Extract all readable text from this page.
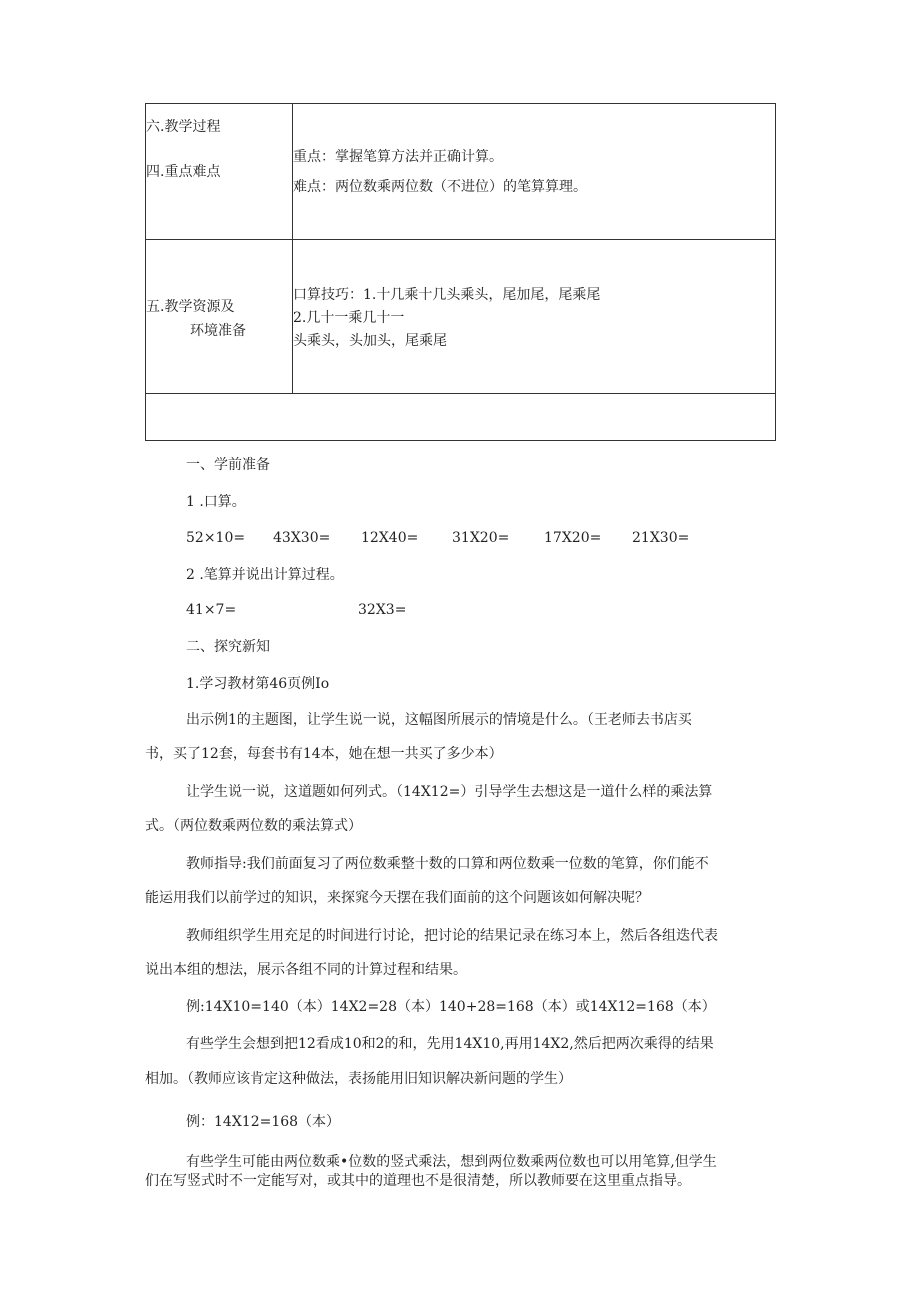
四.重点难点
重点：掌握笔算方法并正确计算。
难点：两位数乘两位数（不进位）的笔算算理。
五.教学资源及
环境准备
口算技巧：1.十几乘十几头乘头，尾加尾，尾乘尾
2.几十一乘几十一
头乘头，头加头，尾乘尾
六.教学过程
一、学前准备
1 .口算。
52×10= 43X30= 12X40= 31X20= 17X20= 21X30=
2 .笔算并说出计算过程。
41×7=	32X3=
二、探究新知
1.学习教材第46页例Io
出示例1的主题图，让学生说一说，这幅图所展示的情境是什么。（王老师去书店买
书，买了12套，每套书有14本，她在想一共买了多少本）
让学生说一说，这道题如何列式。（14X12=）引导学生去想这是一道什么样的乘法算
式。（两位数乘两位数的乘法算式）
教师指导:我们前面复习了两位数乘整十数的口算和两位数乘一位数的笔算，你们能不
能运用我们以前学过的知识，来探窕今天摆在我们面前的这个问题该如何解决呢？
教师组织学生用充足的时间进行讨论，把讨论的结果记录在练习本上，然后各组迭代表
说出本组的想法，展示各组不同的计算过程和结果。
例:14X10=140（本）14X2=28（本）140+28=168（本）或14X12=168（本）
有些学生会想到把12看成10和2的和，先用14X10,再用14X2,然后把两次乘得的结果
相加。（教师应该肯定这种做法，表扬能用旧知识解决新问题的学生）
例：14X12=168（本）
有些学生可能由两位数乘•位数的竖式乘法，想到两位数乘两位数也可以用笔算,但学生
们在写竖式时不一定能写对，或其中的道理也不是很清楚，所以教师要在这里重点指导。
